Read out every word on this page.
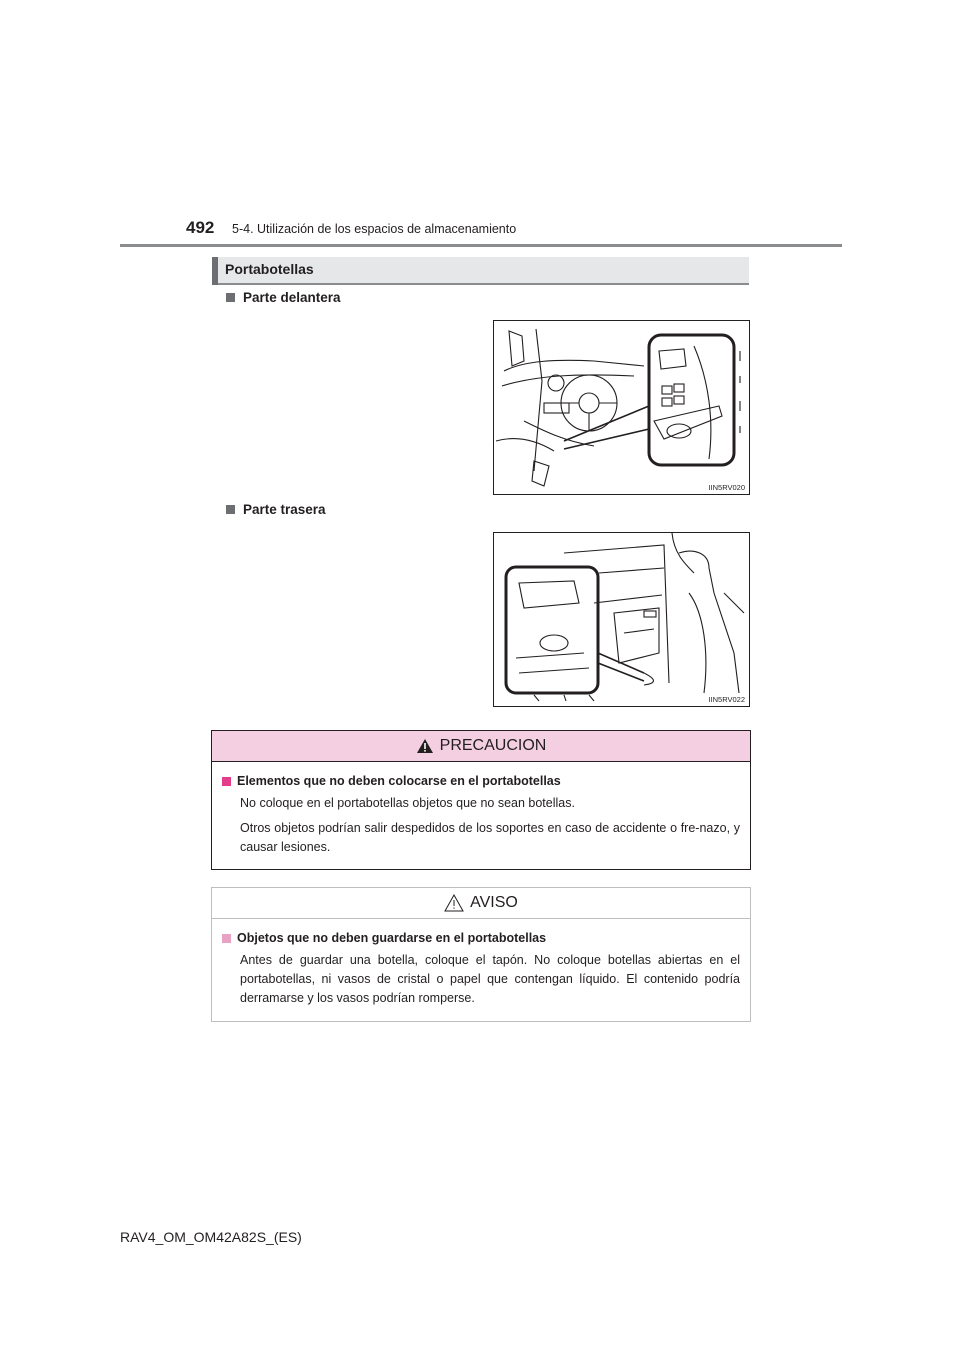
492 5-4. Utilización de los espacios de almacenamiento
Portabotellas
Parte delantera
IIN5RV020
Parte trasera
IIN5RV022
PRECAUCION
Elementos que no deben colocarse en el portabotellas

No coloque en el portabotellas objetos que no sean botellas.

Otros objetos podrían salir despedidos de los soportes en caso de accidente o fre-nazo, y causar lesiones.

AVISO
Objetos que no deben guardarse en el portabotellas

Antes de guardar una botella, coloque el tapón. No coloque botellas abiertas en el portabotellas, ni vasos de cristal o papel que contengan líquido. El contenido podría derramarse y los vasos podrían romperse.

RAV4_OM_OM42A82S_(ES)
